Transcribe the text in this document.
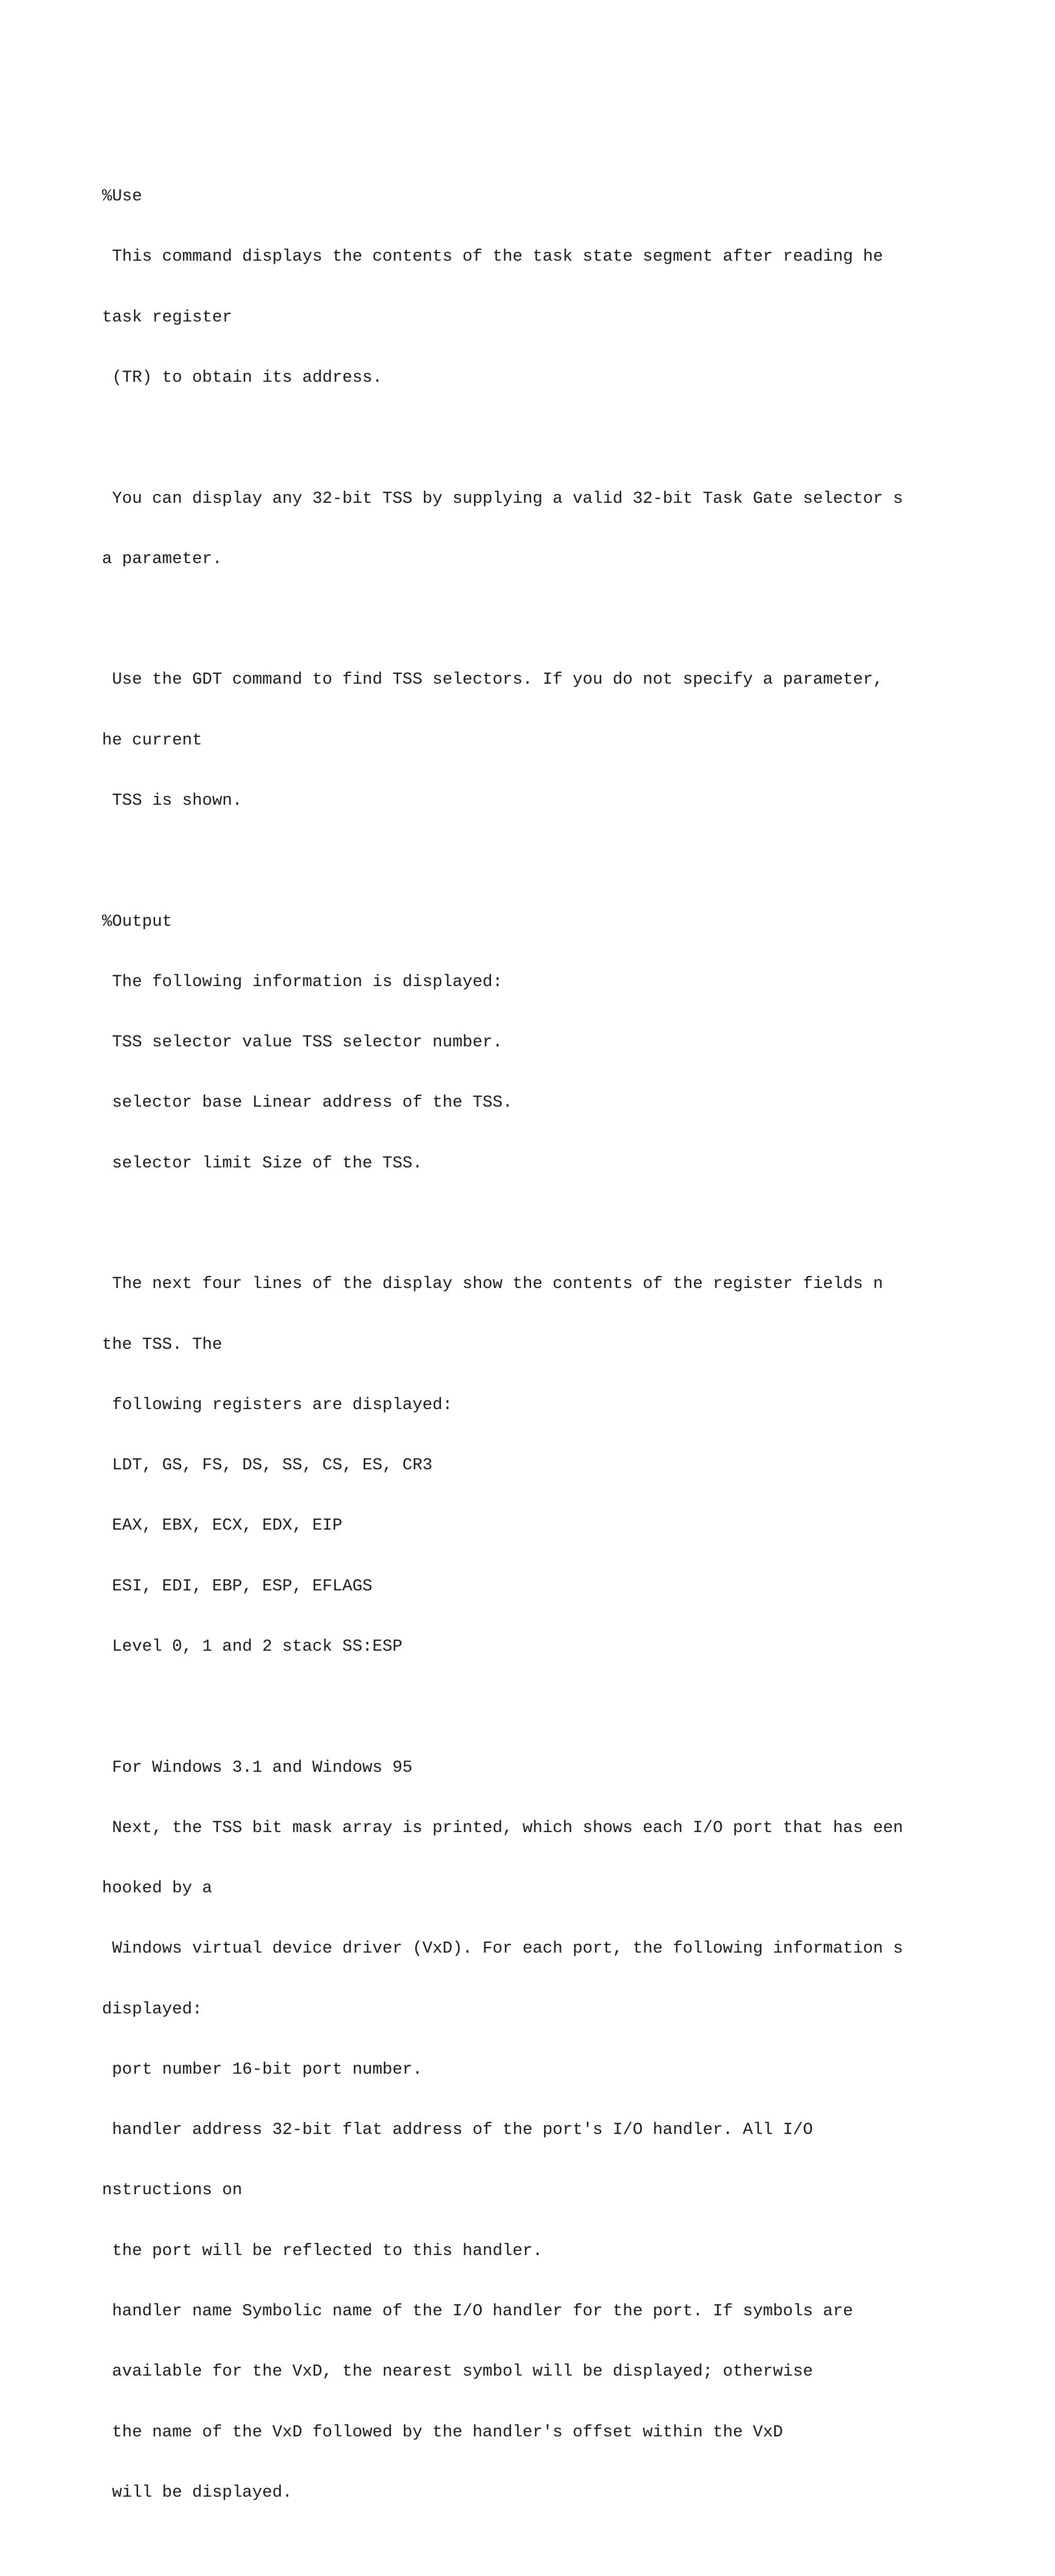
%Use

This command displays the contents of the task state segment after reading he

task register

(TR) to obtain its address.

You can display any 32-bit TSS by supplying a valid 32-bit Task Gate selector s

a parameter.

Use the GDT command to find TSS selectors. If you do not specify a parameter,

he current

TSS is shown.

%Output

The following information is displayed:

TSS selector value TSS selector number.

selector base Linear address of the TSS.

selector limit Size of the TSS.

The next four lines of the display show the contents of the register fields n

the TSS. The

following registers are displayed:

LDT, GS, FS, DS, SS, CS, ES, CR3

EAX, EBX, ECX, EDX, EIP

ESI, EDI, EBP, ESP, EFLAGS

Level 0, 1 and 2 stack SS:ESP

For Windows 3.1 and Windows 95

Next, the TSS bit mask array is printed, which shows each I/O port that has een

hooked by a

Windows virtual device driver (VxD). For each port, the following information s

displayed:

port number 16-bit port number.

handler address 32-bit flat address of the port's I/O handler. All I/O

nstructions on

the port will be reflected to this handler.

handler name Symbolic name of the I/O handler for the port. If symbols are

available for the VxD, the nearest symbol will be displayed; otherwise

the name of the VxD followed by the handler's offset within the VxD

will be displayed.
